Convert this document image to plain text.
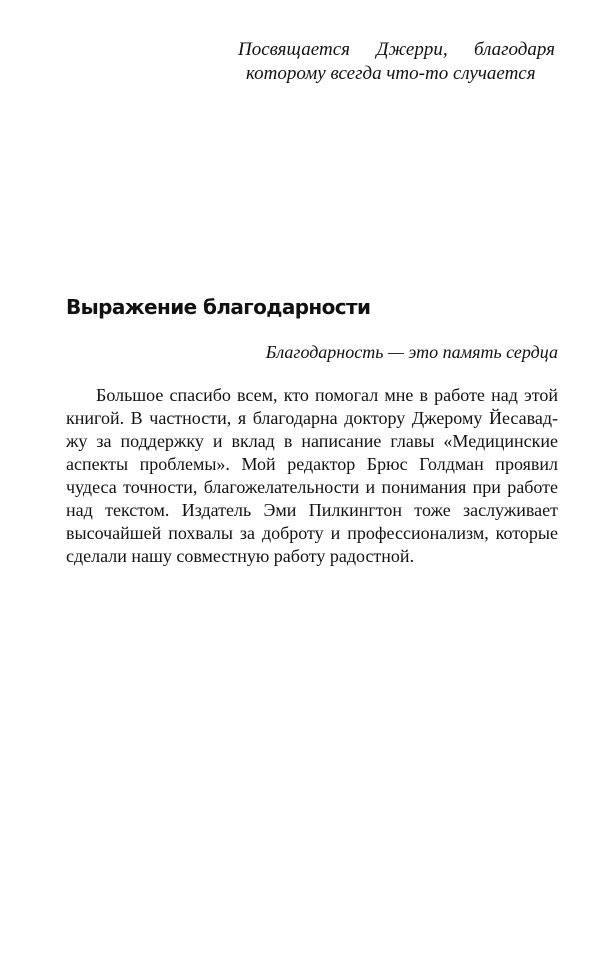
Посвящается Джерри, благодаря
которому всегда что-то случается

Выражение благодарности

Благодарность — это память сердца

Большое спасибо всем, кто помогал мне в работе над этой
книгой. В частности, я благодарна доктору Джерому Йесавад-
жу за поддержку и вклад в написание главы «Медицинские
аспекты проблемы». Мой редактор Брюс Голдман проявил
чудеса точности, благожелательности и понимания при работе
над текстом. Издатель Эми Пилкингтон тоже заслуживает
высочайшей похвалы за доброту и профессионализм, которые
сделали нашу совместную работу радостной.
